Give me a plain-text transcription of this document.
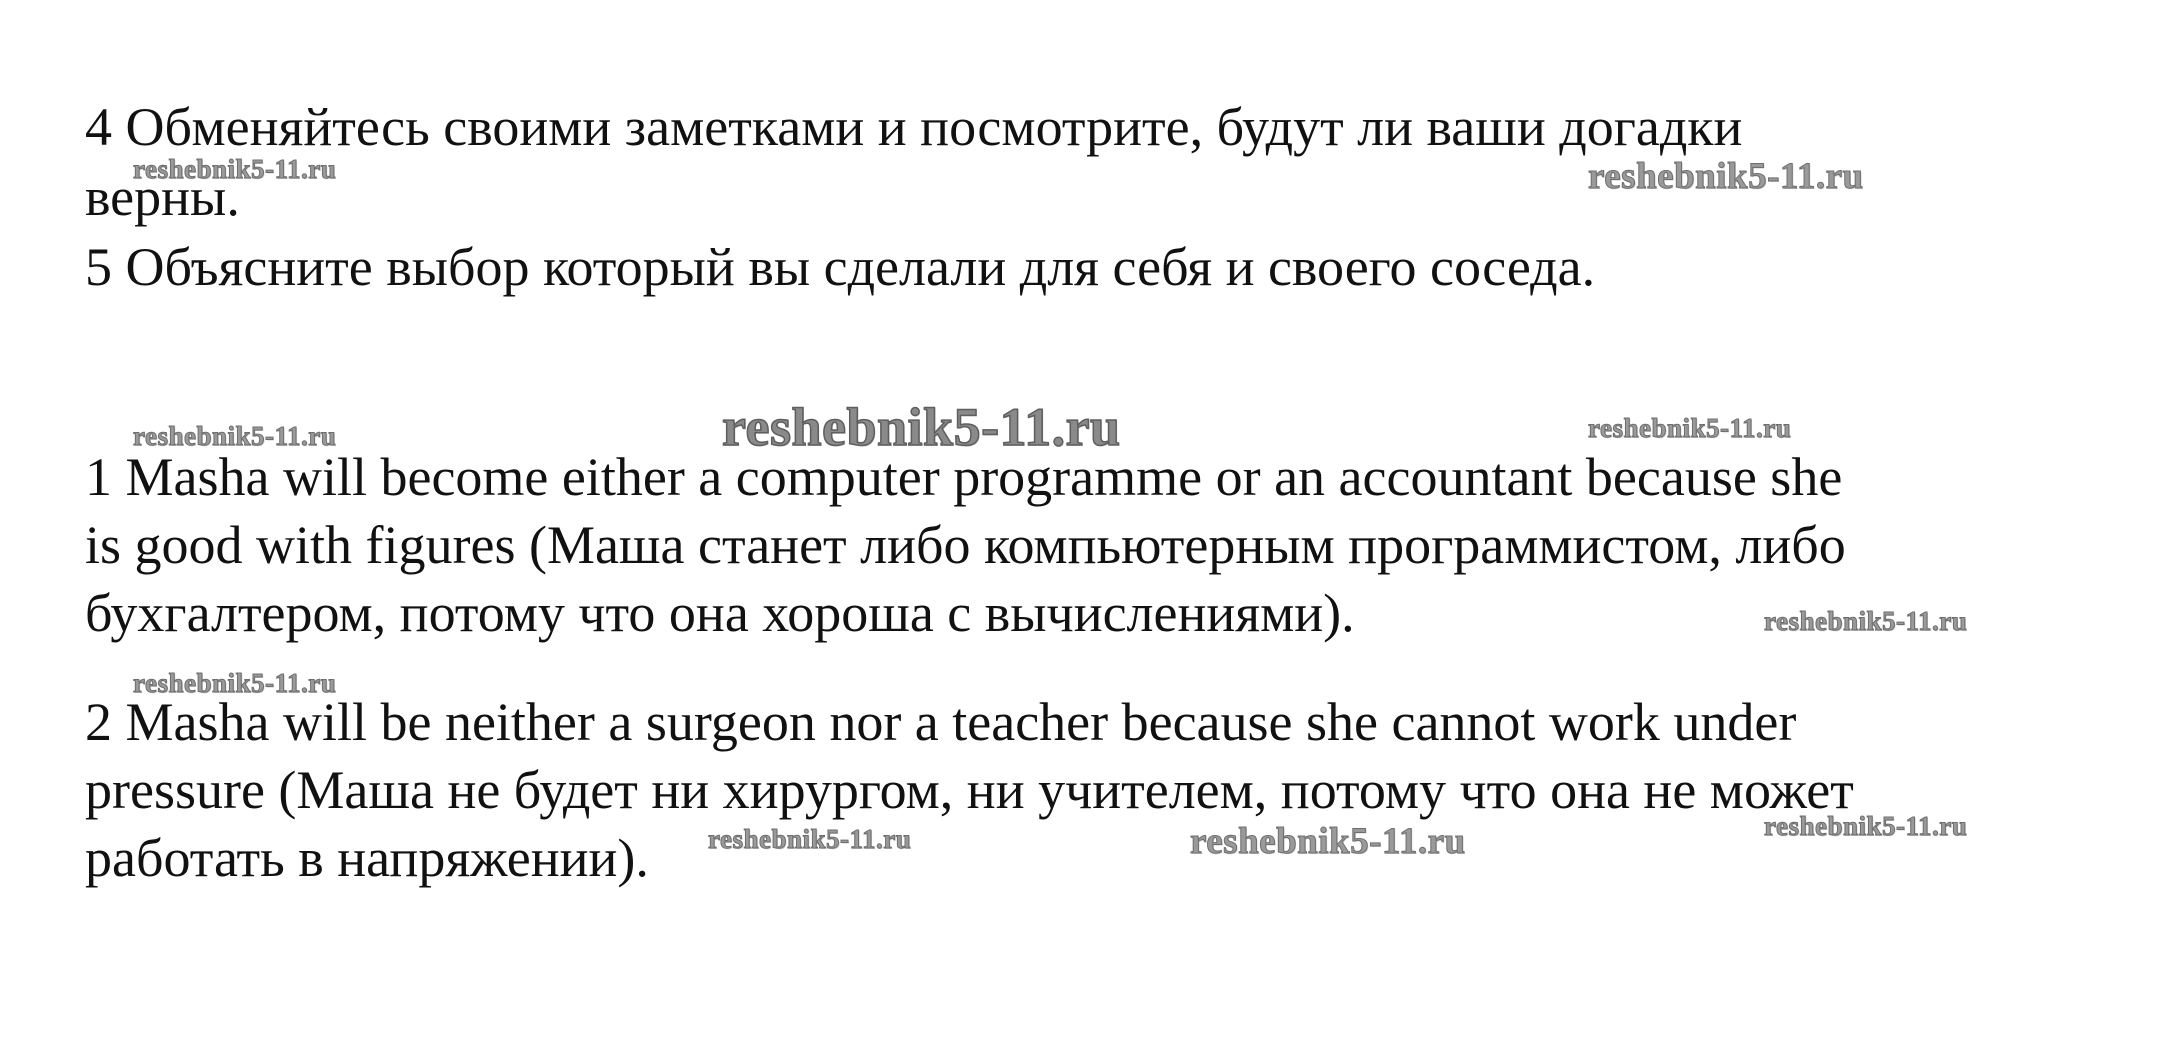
4 Обменяйтесь своими заметками и посмотрите, будут ли ваши догадки
верны.
5 Объясните выбор который вы сделали для себя и своего соседа.
1 Masha will become either a computer programme or an accountant because she
is good with figures (Маша станет либо компьютерным программистом, либо
бухгалтером, потому что она хороша с вычислениями).
2 Masha will be neither a surgeon nor a teacher because she cannot work under
pressure (Маша не будет ни хирургом, ни учителем, потому что она не может
работать в напряжении).
reshebnik5-11.ru	reshebnik5-11.ru
reshebnik5-11.ru	reshebnik5-11.ru	reshebnik5-11.ru
reshebnik5-11.ru
reshebnik5-11.ru
reshebnik5-11.ru	reshebnik5-11.ru	reshebnik5-11.ru
